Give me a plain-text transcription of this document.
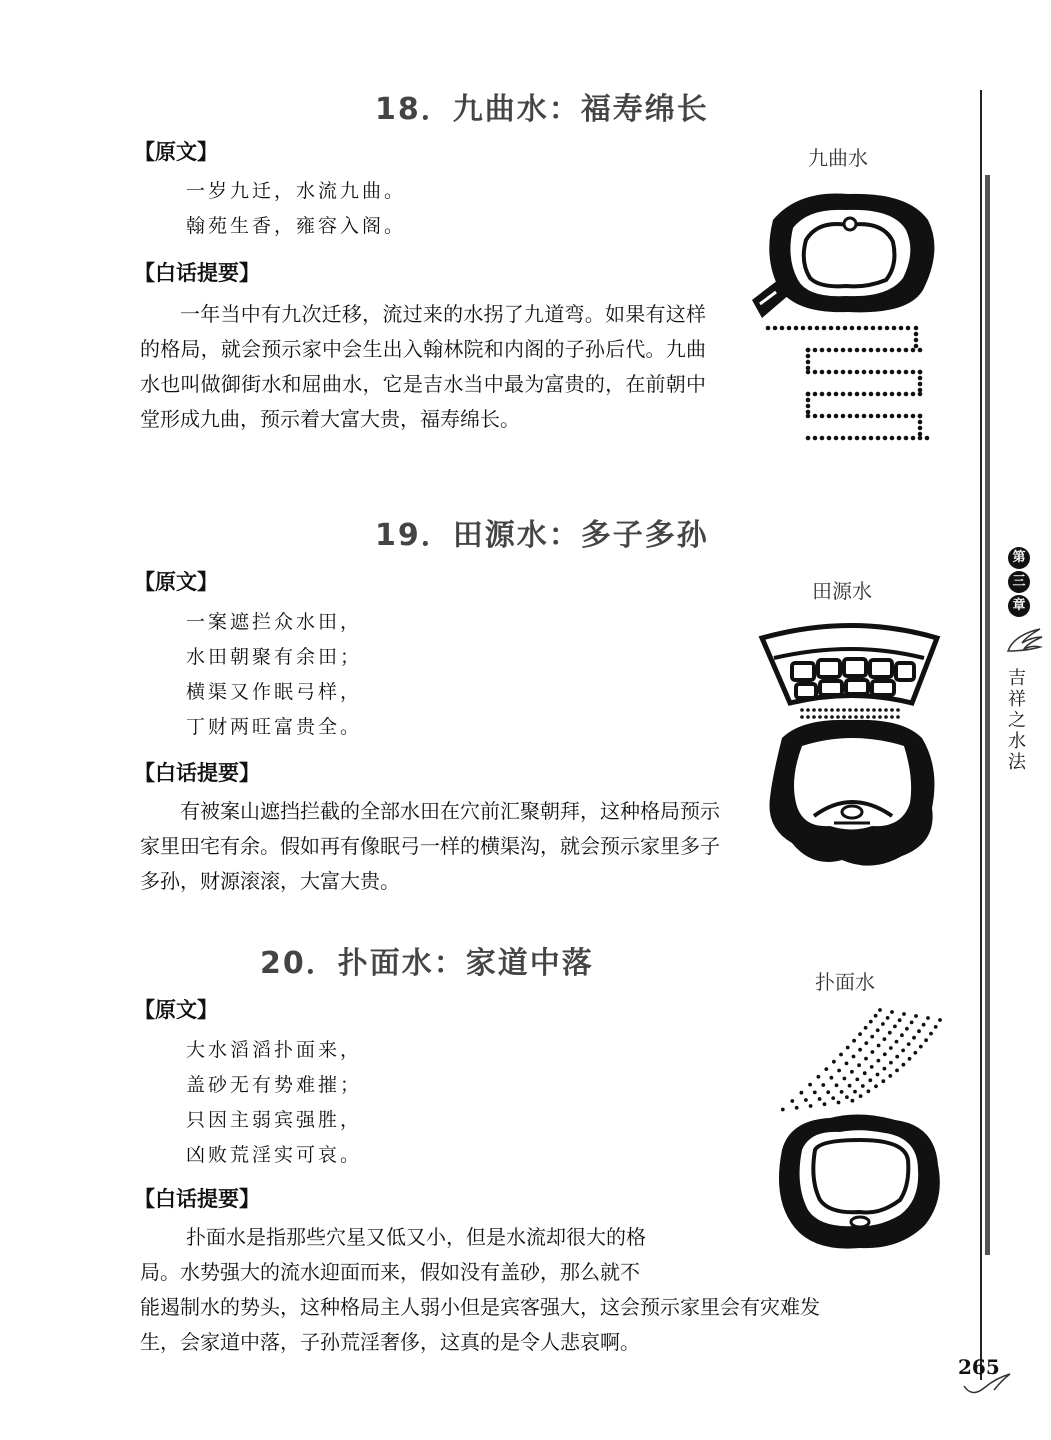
18．九曲水：福寿绵长
【原文】
一岁九迁，水流九曲。
翰苑生香，雍容入阁。
【白话提要】
一年当中有九次迁移，流过来的水拐了九道弯。如果有这样的格局，就会预示家中会生出入翰林院和内阁的子孙后代。九曲水也叫做御街水和屈曲水，它是吉水当中最为富贵的，在前朝中堂形成九曲，预示着大富大贵，福寿绵长。
九曲水
19．田源水：多子多孙
【原文】
一案遮拦众水田，
水田朝聚有余田；
横渠又作眠弓样，
丁财两旺富贵全。
【白话提要】
有被案山遮挡拦截的全部水田在穴前汇聚朝拜，这种格局预示家里田宅有余。假如再有像眠弓一样的横渠沟，就会预示家里多子多孙，财源滚滚，大富大贵。
田源水
20．扑面水：家道中落
【原文】
大水滔滔扑面来，
盖砂无有势难摧；
只因主弱宾强胜，
凶败荒淫实可哀。
【白话提要】
扑面水是指那些穴星又低又小，但是水流却很大的格
局。水势强大的流水迎面而来，假如没有盖砂，那么就不
能遏制水的势头，这种格局主人弱小但是宾客强大，这会预示家里会有灾难发
生，会家道中落，子孙荒淫奢侈，这真的是令人悲哀啊。
扑面水
第
三
章
吉祥之水法
265
